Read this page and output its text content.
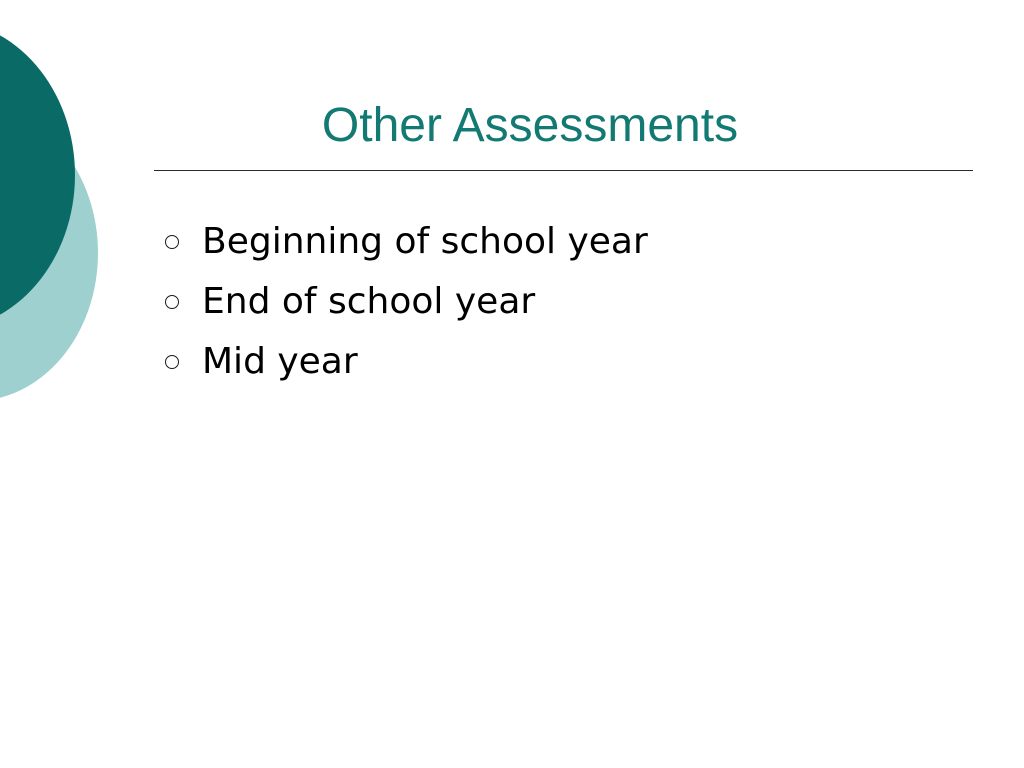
Other Assessments
Beginning of school year
End of school year
Mid year
